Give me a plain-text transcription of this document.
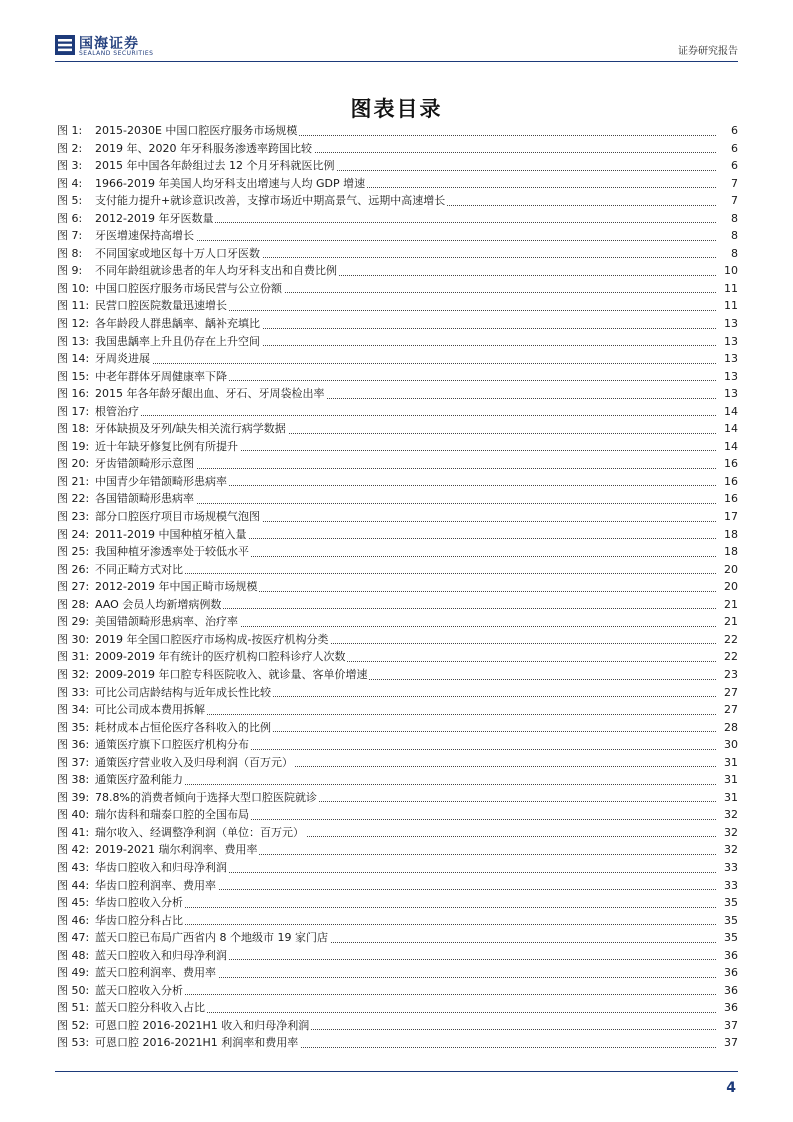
国海证券
SEALAND SECURITIES	证券研究报告
图表目录
图 1:	2015-2030E 中国口腔医疗服务市场规模	6
图 2:	2019 年、2020 年牙科服务渗透率跨国比较	6
图 3:	2015 年中国各年龄组过去 12 个月牙科就医比例	6
图 4:	1966-2019 年美国人均牙科支出增速与人均 GDP 增速	7
图 5:	支付能力提升+就诊意识改善，支撑市场近中期高景气、远期中高速增长	7
图 6:	2012-2019 年牙医数量	8
图 7:	牙医增速保持高增长	8
图 8:	不同国家或地区每十万人口牙医数	8
图 9:	不同年龄组就诊患者的年人均牙科支出和自费比例	10
图 10: 中国口腔医疗服务市场民营与公立份额	11
图 11: 民营口腔医院数量迅速增长	11
图 12: 各年龄段人群患龋率、龋补充填比	13
图 13: 我国患龋率上升且仍存在上升空间	13
图 14: 牙周炎进展	13
图 15: 中老年群体牙周健康率下降	13
图 16: 2015 年各年龄牙龈出血、牙石、牙周袋检出率	13
图 17: 根管治疗	14
图 18: 牙体缺损及牙列/缺失相关流行病学数据	14
图 19: 近十年缺牙修复比例有所提升	14
图 20: 牙齿错颌畸形示意图	16
图 21: 中国青少年错颌畸形患病率	16
图 22: 各国错颌畸形患病率	16
图 23: 部分口腔医疗项目市场规模气泡图	17
图 24: 2011-2019 中国种植牙植入量	18
图 25: 我国种植牙渗透率处于较低水平	18
图 26: 不同正畸方式对比	20
图 27: 2012-2019 年中国正畸市场规模	20
图 28: AAO 会员人均新增病例数	21
图 29: 美国错颌畸形患病率、治疗率	21
图 30: 2019 年全国口腔医疗市场构成-按医疗机构分类	22
图 31: 2009-2019 年有统计的医疗机构口腔科诊疗人次数	22
图 32: 2009-2019 年口腔专科医院收入、就诊量、客单价增速	23
图 33: 可比公司店龄结构与近年成长性比较	27
图 34: 可比公司成本费用拆解	27
图 35: 耗材成本占恒伦医疗各科收入的比例	28
图 36: 通策医疗旗下口腔医疗机构分布	30
图 37: 通策医疗营业收入及归母利润（百万元）	31
图 38: 通策医疗盈利能力	31
图 39: 78.8%的消费者倾向于选择大型口腔医院就诊	31
图 40: 瑞尔齿科和瑞泰口腔的全国布局	32
图 41: 瑞尔收入、经调整净利润（单位：百万元）	32
图 42: 2019-2021 瑞尔利润率、费用率	32
图 43: 华齿口腔收入和归母净利润	33
图 44: 华齿口腔利润率、费用率	33
图 45: 华齿口腔收入分析	35
图 46: 华齿口腔分科占比	35
图 47: 蓝天口腔已布局广西省内 8 个地级市 19 家门店	35
图 48: 蓝天口腔收入和归母净利润	36
图 49: 蓝天口腔利润率、费用率	36
图 50: 蓝天口腔收入分析	36
图 51: 蓝天口腔分科收入占比	36
图 52: 可恩口腔 2016-2021H1 收入和归母净利润	37
图 53: 可恩口腔 2016-2021H1 利润率和费用率	37
4
